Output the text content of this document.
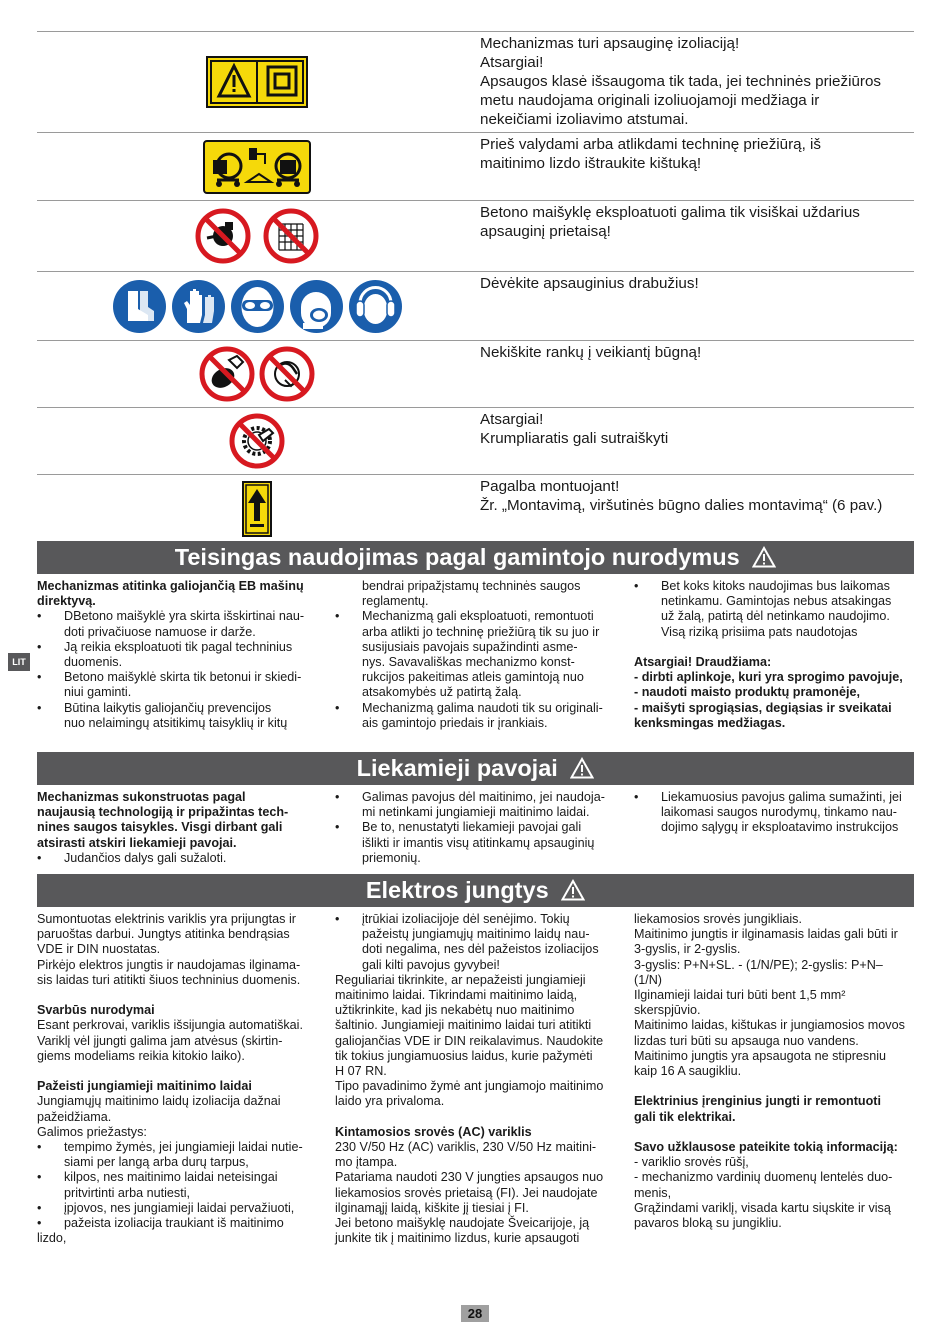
Mechanizmas turi apsauginę izoliaciją!
Atsargiai!
Apsaugos klasė išsaugoma tik tada, jei techninės priežiūros
metu naudojama originali izoliuojamoji medžiaga ir
nekeičiami izoliavimo atstumai.
Prieš valydami arba atlikdami techninę priežiūrą, iš
maitinimo lizdo ištraukite kištuką!
Betono maišyklę eksploatuoti galima tik visiškai uždarius
apsauginį prietaisą!
Dėvėkite apsauginius drabužius!
Nekiškite rankų į veikiantį būgną!
Atsargiai!
Krumpliaratis gali sutraiškyti
Pagalba montuojant!
Žr. „Montavimą, viršutinės būgno dalies montavimą“ (6 pav.)
Teisingas naudojimas pagal gamintojo nurodymus
LIT

Mechanizmas atitinka galiojančią EB mašinų

direktyvą.

• DBetono maišyklė yra skirta išskirtinai nau-
doti privačiuose namuose ir darže.
• Ją reikia eksploatuoti tik pagal techninius
duomenis.
• Betono maišyklė skirta tik betonui ir skiedi-
niui gaminti.
• Būtina laikytis galiojančių prevencijos
nuo nelaimingų atsitikimų taisyklių ir kitų

bendrai pripažįstamų techninės saugos

reglamentų.

• Mechanizmą gali eksploatuoti, remontuoti
arba atlikti jo techninę priežiūrą tik su juo ir
susijusiais pavojais supažindinti asme-
nys. Savavališkas mechanizmo konst-
rukcijos pakeitimas atleis gamintoją nuo
atsakomybės už patirtą žalą.
• Mechanizmą galima naudoti tik su originali-
ais gamintojo priedais ir įrankiais.
• Bet koks kitoks naudojimas bus laikomas
netinkamu. Gamintojas nebus atsakingas
už žalą, patirtą dėl netinkamo naudojimo.
Visą riziką prisiima pats naudotojas

Atsargiai! Draudžiama:

- dirbti aplinkoje, kuri yra sprogimo pavojuje,

- naudoti maisto produktų pramonėje,

- maišyti sprogiąsias, degiąsias ir sveikatai

kenksmingas medžiagas.

Liekamieji pavojai

Mechanizmas sukonstruotas pagal

naujausią technologiją ir pripažintas tech-

nines saugos taisykles. Visgi dirbant gali

atsirasti atskiri liekamieji pavojai.

• Judančios dalys gali sužaloti.
• Galimas pavojus dėl maitinimo, jei naudoja-
mi netinkami jungiamieji maitinimo laidai.
• Be to, nenustatyti liekamieji pavojai gali
išlikti ir imantis visų atitinkamų apsauginių
priemonių.
• Liekamuosius pavojus galima sumažinti, jei
laikomasi saugos nurodymų, tinkamo nau-
dojimo sąlygų ir eksploatavimo instrukcijos
Elektros jungtys

Sumontuotas elektrinis variklis yra prijungtas ir

paruoštas darbui. Jungtys atitinka bendrąsias

VDE ir DIN nuostatas.

Pirkėjo elektros jungtis ir naudojamas ilginama-

sis laidas turi atitikti šiuos techninius duomenis.

Svarbūs nurodymai

Esant perkrovai, variklis išsijungia automatiškai.

Variklį vėl įjungti galima jam atvėsus (skirtin-

giems modeliams reikia kitokio laiko).

Pažeisti jungiamieji maitinimo laidai

Jungiamųjų maitinimo laidų izoliacija dažnai

pažeidžiama.

Galimos priežastys:

• tempimo žymės, jei jungiamieji laidai nutie-
siami per langą arba durų tarpus,
• kilpos, nes maitinimo laidai neteisingai
pritvirtinti arba nutiesti,
• įpjovos, nes jungiamieji laidai pervažiuoti,
• pažeista izoliacija traukiant iš maitinimo
lizdo,
• įtrūkiai izoliacijoje dėl senėjimo. Tokių
pažeistų jungiamųjų maitinimo laidų nau-
doti negalima, nes dėl pažeistos izoliacijos
gali kilti pavojus gyvybei!

Reguliariai tikrinkite, ar nepažeisti jungiamieji

maitinimo laidai. Tikrindami maitinimo laidą,

užtikrinkite, kad jis nekabėtų nuo maitinimo

šaltinio. Jungiamieji maitinimo laidai turi atitikti

galiojančias VDE ir DIN reikalavimus. Naudokite

tik tokius jungiamuosius laidus, kurie pažymėti

H 07 RN.

Tipo pavadinimo žymė ant jungiamojo maitinimo

laido yra privaloma.

Kintamosios srovės (AC) variklis

230 V/50 Hz (AC) variklis, 230 V/50 Hz maitini-

mo įtampa.

Patariama naudoti 230 V jungties apsaugos nuo

liekamosios srovės prietaisą (FI). Jei naudojate

ilginamąjį laidą, kiškite jį tiesiai į FI.

Jei betono maišyklę naudojate Šveicarijoje, ją

junkite tik į maitinimo lizdus, kurie apsaugoti

liekamosios srovės jungikliais.

Maitinimo jungtis ir ilginamasis laidas gali būti ir

3-gyslis, ir 2-gyslis.

3-gyslis: P+N+SL. - (1/N/PE); 2-gyslis: P+N–

(1/N)

Ilginamieji laidai turi būti bent 1,5 mm²

skerspjūvio.

Maitinimo laidas, kištukas ir jungiamosios movos

lizdas turi būti su apsauga nuo vandens.

Maitinimo jungtis yra apsaugota ne stipresniu

kaip 16 A saugikliu.

Elektrinius įrenginius jungti ir remontuoti

gali tik elektrikai.

Savo užklausose pateikite tokią informaciją:

- variklio srovės rūšį,

- mechanizmo vardinių duomenų lentelės duo-

menis,

Grąžindami variklį, visada kartu siųskite ir visą

pavaros bloką su jungikliu.

28
